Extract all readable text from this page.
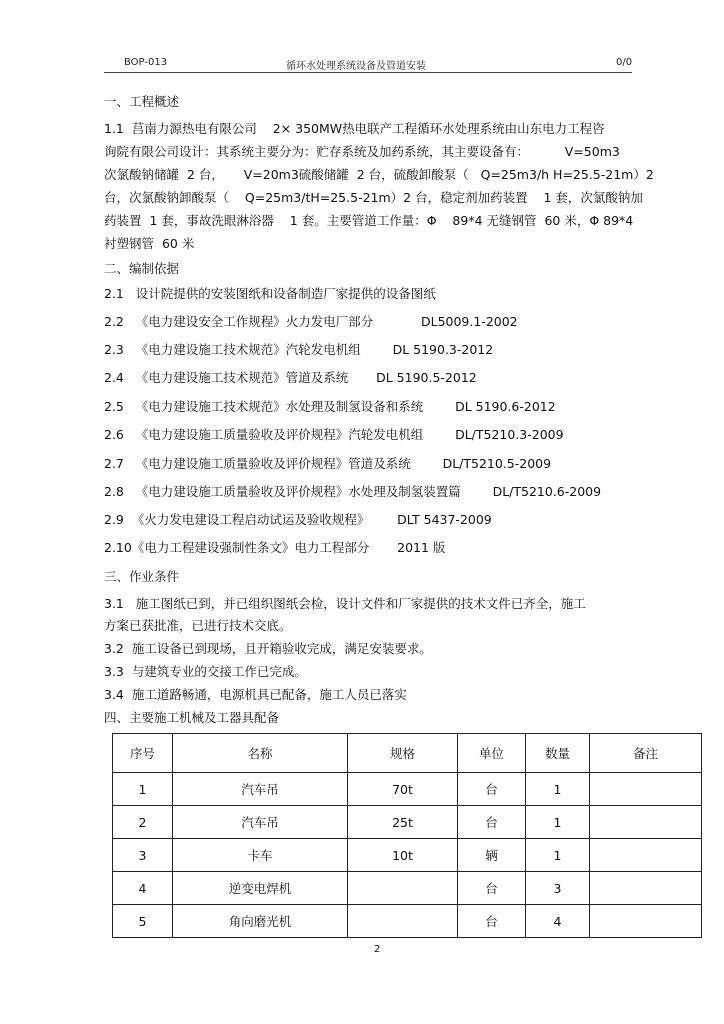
BOP-013	循环水处理系统设备及管道安装	0/0
一、工程概述
1.1  莒南力源热电有限公司    2× 350MW热电联产工程循环水处理系统由山东电力工程咨
询院有限公司设计：其系统主要分为：贮存系统及加药系统，其主要设备有：         V=50m3
次氯酸钠储罐  2 台，     V=20m3硫酸储罐  2 台，硫酸卸酸泵（   Q=25m3/h H=25.5-21m）2
台，次氯酸钠卸酸泵（    Q=25m3/tH=25.5-21m）2 台，稳定剂加药装置    1 套，次氯酸钠加
药装置  1 套，事故洗眼淋浴器    1 套。主要管道工作量：Φ    89*4 无缝钢管  60 米，Φ 89*4
衬塑钢管  60 米
二、编制依据
2.1   设计院提供的安装图纸和设备制造厂家提供的设备图纸
2.2   《电力建设安全工作规程》火力发电厂部分            DL5009.1-2002
2.3   《电力建设施工技术规范》汽轮发电机组        DL 5190.3-2012
2.4   《电力建设施工技术规范》管道及系统       DL 5190.5-2012
2.5   《电力建设施工技术规范》水处理及制氢设备和系统        DL 5190.6-2012
2.6   《电力建设施工质量验收及评价规程》汽轮发电机组        DL/T5210.3-2009
2.7   《电力建设施工质量验收及评价规程》管道及系统        DL/T5210.5-2009
2.8   《电力建设施工质量验收及评价规程》水处理及制氢装置篇        DL/T5210.6-2009
2.9  《火力发电建设工程启动试运及验收规程》       DLT 5437-2009
2.10《电力工程建设强制性条文》电力工程部分       2011 版
三、作业条件
3.1   施工图纸已到，并已组织图纸会检，设计文件和厂家提供的技术文件已齐全，施工
方案已获批准，已进行技术交底。
3.2  施工设备已到现场，且开箱验收完成，满足安装要求。
3.3  与建筑专业的交接工作已完成。
3.4  施工道路畅通，电源机具已配备，施工人员已落实
四、主要施工机械及工器具配备
序号	名称	规格	单位	数量	备注
1	汽车吊	70t	台	1	
2	汽车吊	25t	台	1	
3	卡车	10t	辆	1	
4	逆变电焊机		台	3	
5	角向磨光机		台	4	
2
